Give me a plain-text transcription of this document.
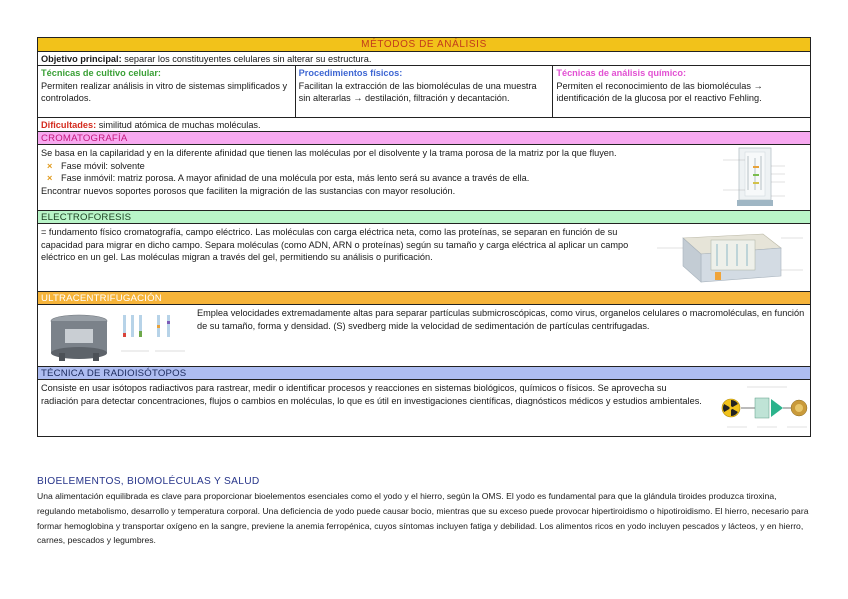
MÉTODOS DE ANÁLISIS
Objetivo principal: separar los constituyentes celulares sin alterar su estructura.
Técnicas de cultivo celular:
Permiten realizar análisis in vitro de sistemas simplificados y controlados.
Procedimientos físicos:
Facilitan la extracción de las biomoléculas de una muestra sin alterarlas → destilación, filtración y decantación.
Técnicas de análisis químico:
Permiten el reconocimiento de las biomoléculas → identificación de la glucosa por el reactivo Fehling.
Dificultades: similitud atómica de muchas moléculas.
CROMATOGRAFÍA
Se basa en la capilaridad y en la diferente afinidad que tienen las moléculas por el disolvente y la trama porosa de la matriz por la que fluyen.
× Fase móvil: solvente
× Fase inmóvil: matriz porosa. A mayor afinidad de una molécula por esta, más lento será su avance a través de ella.
Encontrar nuevos soportes porosos que faciliten la migración de las sustancias con mayor resolución.
ELECTROFORESIS
= fundamento físico cromatografía, campo eléctrico. Las moléculas con carga eléctrica neta, como las proteínas, se separan en función de su capacidad para migrar en dicho campo. Separa moléculas (como ADN, ARN o proteínas) según su tamaño y carga eléctrica al aplicar un campo eléctrico en un gel. Las moléculas migran a través del gel, permitiendo su análisis o purificación.
ULTRACENTRIFUGACIÓN
Emplea velocidades extremadamente altas para separar partículas submicroscópicas, como virus, organelos celulares o macromoléculas, en función de su tamaño, forma y densidad. (S) svedberg mide la velocidad de sedimentación de partículas centrifugadas.
TÉCNICA DE RADIOISÓTOPOS
Consiste en usar isótopos radiactivos para rastrear, medir o identificar procesos y reacciones en sistemas biológicos, químicos o físicos. Se aprovecha su radiación para detectar concentraciones, flujos o cambios en moléculas, lo que es útil en investigaciones científicas, diagnósticos médicos y estudios ambientales.
BIOELEMENTOS, BIOMOLÉCULAS Y SALUD
Una alimentación equilibrada es clave para proporcionar bioelementos esenciales como el yodo y el hierro, según la OMS. El yodo es fundamental para que la glándula tiroides produzca tiroxina, regulando metabolismo, desarrollo y temperatura corporal. Una deficiencia de yodo puede causar bocio, mientras que su exceso puede provocar hipertiroidismo o hipotiroidismo. El hierro, necesario para formar hemoglobina y transportar oxígeno en la sangre, previene la anemia ferropénica, cuyos síntomas incluyen fatiga y debilidad. Los alimentos ricos en yodo incluyen pescados y lácteos, y en hierro, carnes, pescados y legumbres.
